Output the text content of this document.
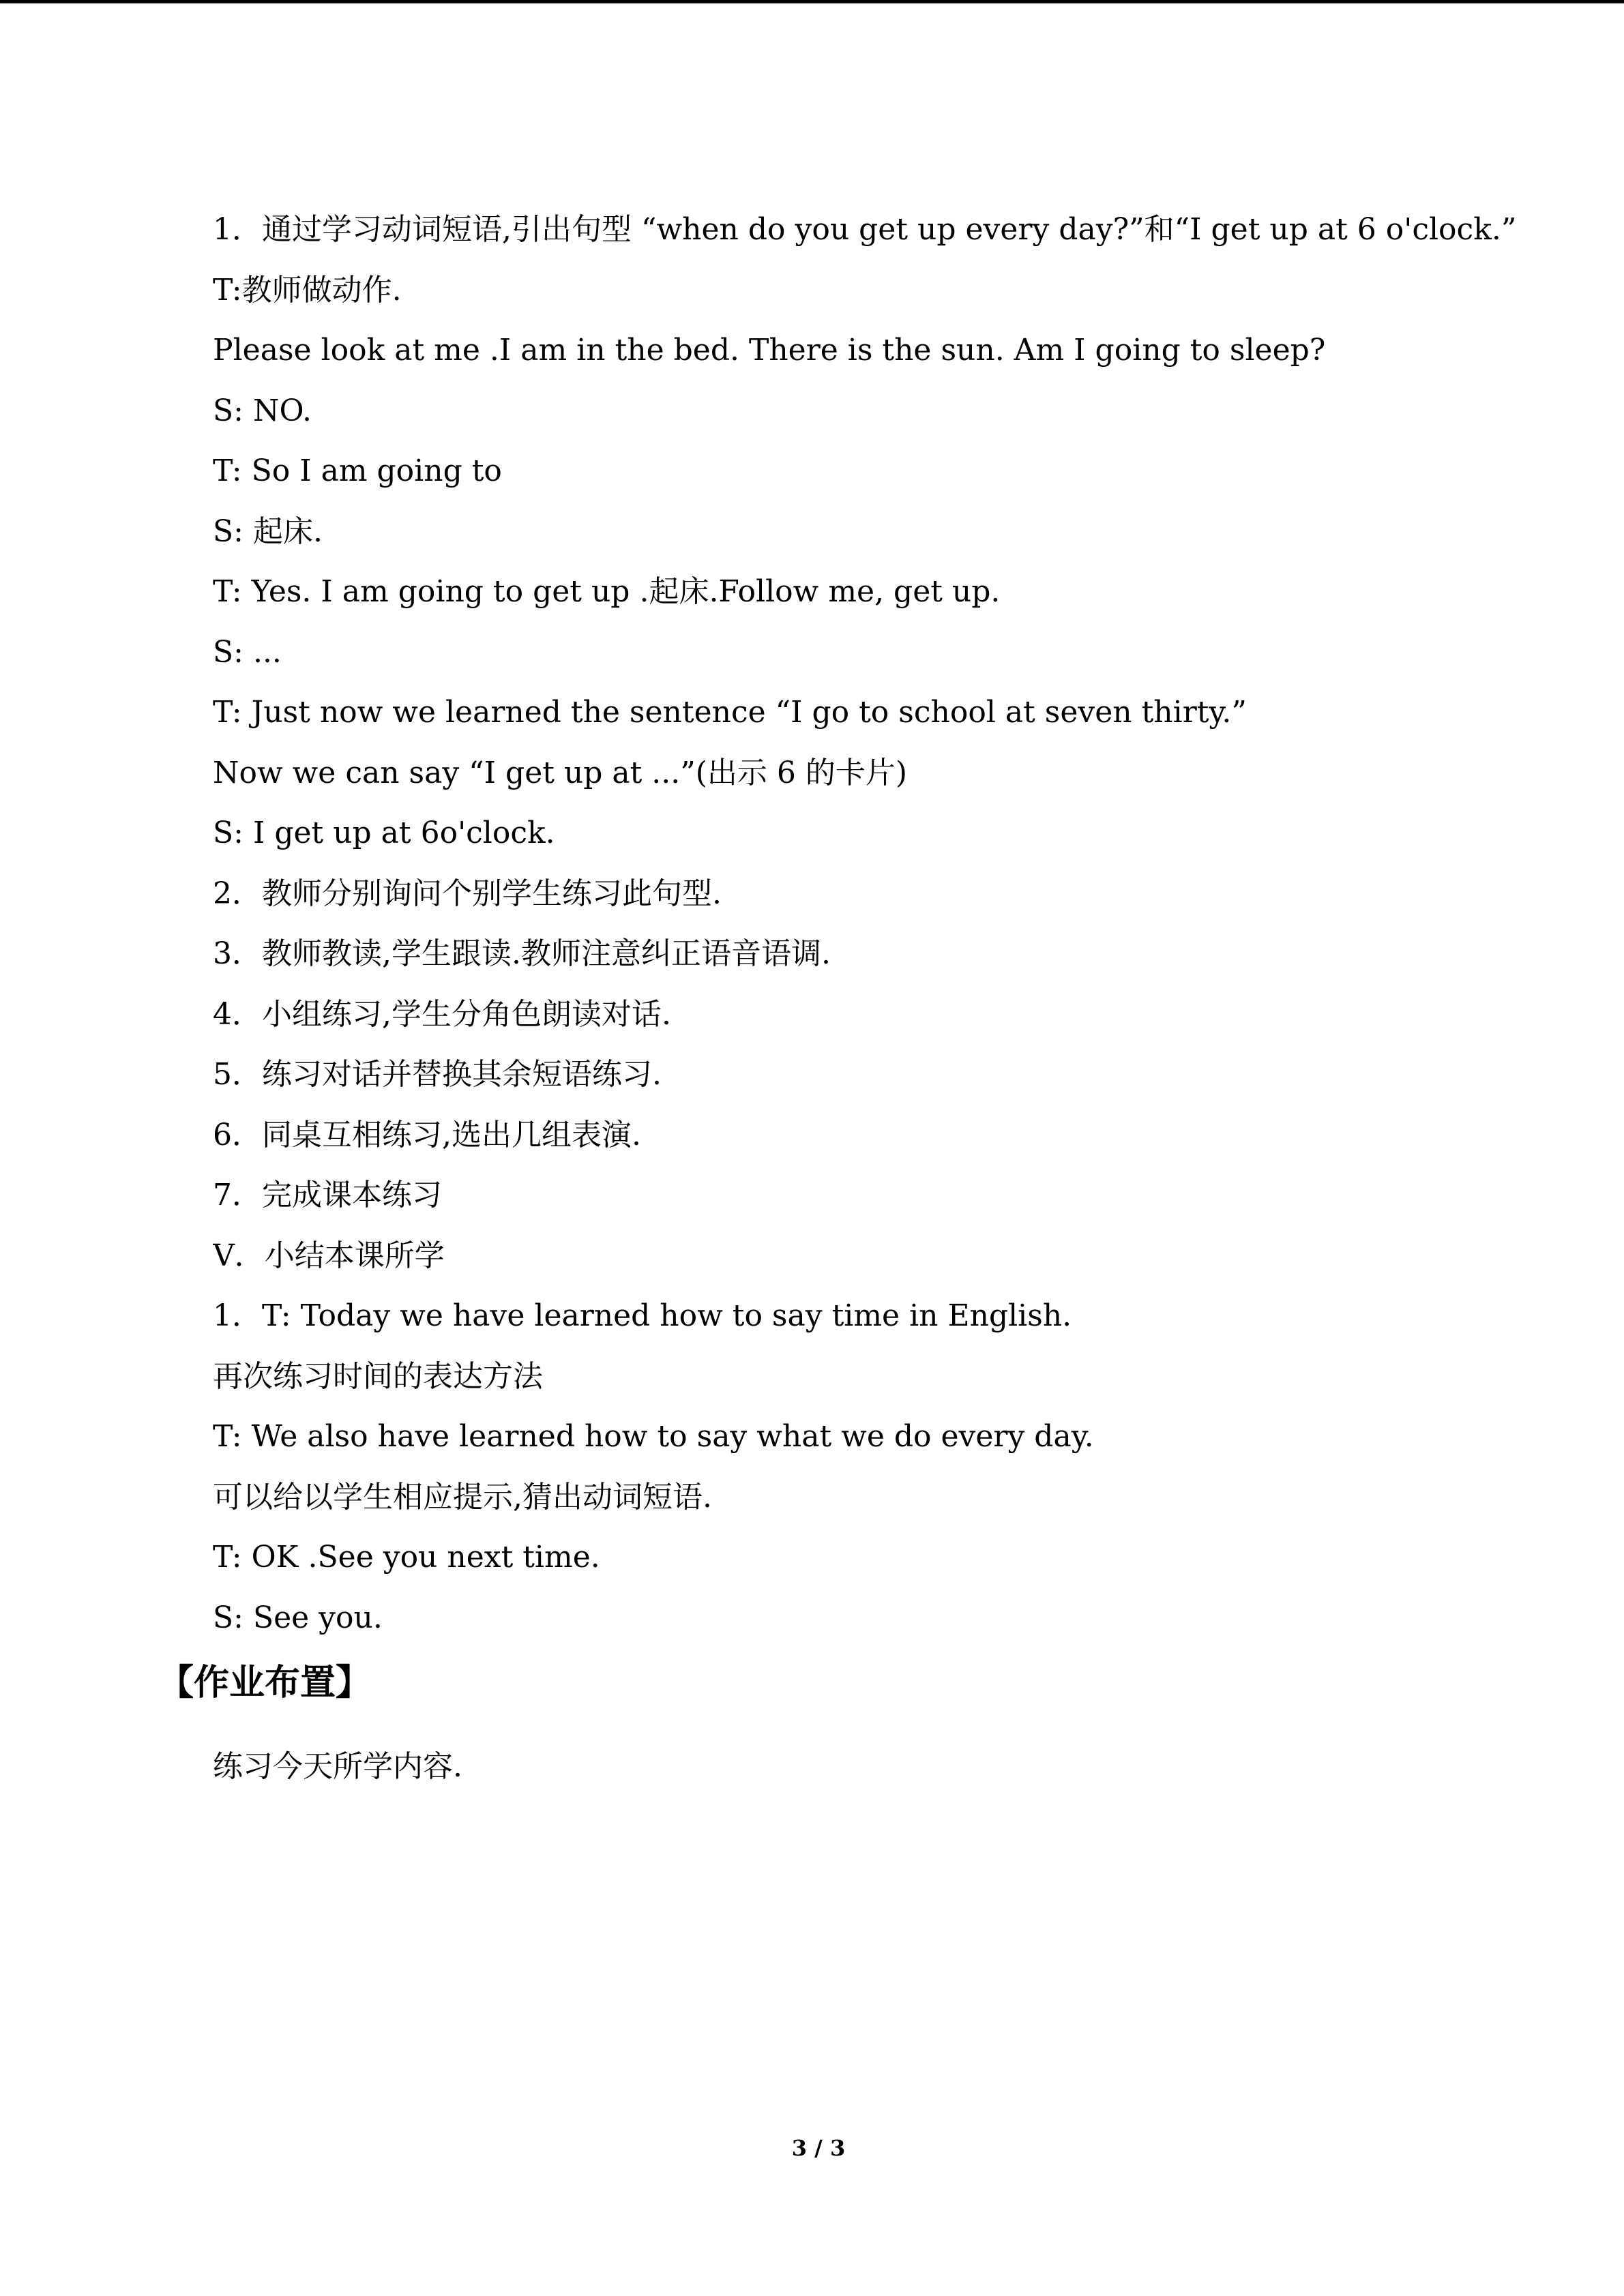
1．通过学习动词短语,引出句型 “when do you get up every day?”和“I get up at 6 o'clock.”
T:教师做动作.
Please look at me .I am in the bed. There is the sun. Am I going to sleep?
S: NO.
T: So I am going to
S: 起床.
T: Yes. I am going to get up .起床.Follow me, get up.
S: ...
T: Just now we learned the sentence “I go to school at seven thirty.”
Now we can say “I get up at ...”(出示 6 的卡片)
S: I get up at 6o'clock.
2．教师分别询问个别学生练习此句型.
3．教师教读,学生跟读.教师注意纠正语音语调.
4．小组练习,学生分角色朗读对话.
5．练习对话并替换其余短语练习.
6．同桌互相练习,选出几组表演.
7．完成课本练习
Ⅴ．小结本课所学
1．T: Today we have learned how to say time in English.
再次练习时间的表达方法
T: We also have learned how to say what we do every day.
可以给以学生相应提示,猜出动词短语.
T: OK .See you next time.
S: See you.
【作业布置】
练习今天所学内容.
3 / 3
